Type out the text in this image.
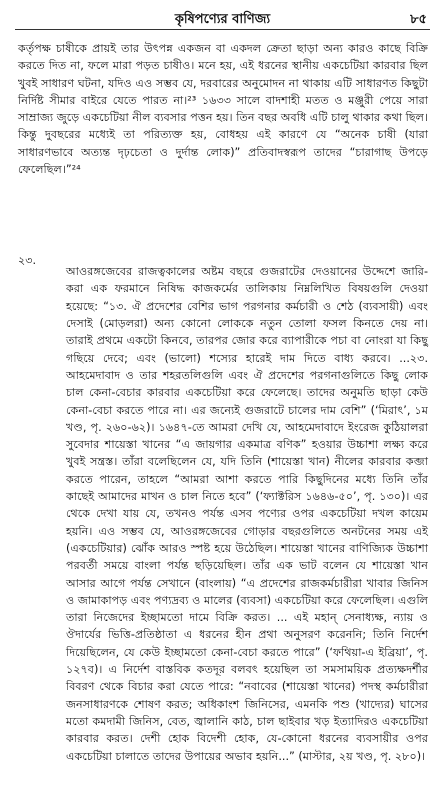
কৃষিপণ্যের বাণিজ্য	৮৫

কর্তৃপক্ষ চাষীকে প্রায়ই তার উৎপন্ন একজন বা একদল ক্রেতা ছাড়া অন্য কারও কাছে বিক্রি করতে দিত না, ফলে মারা পড়ত চাষীও। মনে হয়, এই ধরনের স্থানীয় একচেটিয়া কারবার ছিল খুবই সাধারণ ঘটনা, যদিও এও সম্ভব যে, দরবারের অনুমোদন না থাকায় এটি সাধারণত কিছুটা নির্দিষ্ট সীমার বাইরে যেতে পারত না।²³ ১৬৩৩ সালে বাদশাহী মতত ও মঞ্জুরী পেয়ে সারা সাম্রাজ্য জুড়ে একচেটিয়া নীল ব্যবসার পত্তন হয়। তিন বছর অবধি এটি চালু থাকার কথা ছিল। কিন্তু দুবছরের মধ্যেই তা পরিত্যক্ত হয়, বোধহয় এই কারণে যে “অনেক চাষী (যারা সাধারণভাবে অত্যন্ত দৃঢ়চেতা ও দুর্দান্ত লোক)” প্রতিবাদস্বরূপ তাদের “চারাগাছ উপড়ে ফেলেছিল।”²⁴

২৩.

আওরঙ্গজেবের রাজত্বকালের অষ্টম বছরে গুজরাটের দেওয়ানের উদ্দেশে জারি-করা এক ফরমানে নিষিদ্ধ কাজকর্মের তালিকায় নিম্নলিখিত বিষয়গুলি দেওয়া হয়েছে: “১৩. ঐ প্রদেশের বেশির ভাগ পরগনার কর্মচারী ও শেঠ (ব্যবসায়ী) এবং দেসাই (মোড়লরা) অন্য কোনো লোককে নতুন তোলা ফসল কিনতে দেয় না। তারাই প্রথমে একটো কিনবে, তারপর জোর করে ব্যাপারীকে পচা বা নোংরা যা কিছু গছিয়ে দেবে; এবং (ভালো) শস্যের হারেই দাম দিতে বাধ্য করবে। ...২৩. আহমেদাবাদ ও তার শহরতলিগুলি এবং ঐ প্রদেশের পরগনাগুলিতে কিছু লোক চাল কেনা-বেচার কারবার একচেটিয়া করে ফেলেছে। তাদের অনুমতি ছাড়া কেউ কেনা-বেচা করতে পারে না। এর জন্যেই গুজরাটে চালের দাম বেশি” (‘মিরাৎ’, ১ম খণ্ড, পৃ. ২৬০-৬২)। ১৬৪৭-তে আমরা দেখি যে, আহমেদাবাদে ইংরেজ কুঠিয়ালরা সুবেদার শায়েস্তা খানের “এ জায়গার একমাত্র বণিক” হওয়ার উচ্চাশা লক্ষ্য করে খুবই সন্ত্রস্ত। তাঁরা বলেছিলেন যে, যদি তিনি (শায়েস্তা খান) নীলের কারবার কব্জা করতে পারেন, তাহলে “আমরা আশা করতে পারি কিছুদিনের মধ্যে তিনি তাঁর কাছেই আমাদের মাখন ও চাল নিতে হবে” (‘ফ্যাক্টরিস ১৬৪৬-৫০’, পৃ. ১৩০)। এর থেকে দেখা যায় যে, তখনও পর্যন্ত এসব পণ্যের ওপর একচেটিয়া দখল কায়েম হয়নি। এও সম্ভব যে, আওরঙ্গজেবের গোড়ার বছরগুলিতে অনটনের সময় এই (একচেটিয়ার) ঝোঁক আরও স্পষ্ট হয়ে উঠেছিল। শায়েস্তা খানের বাণিজ্যিক উচ্চাশা পরবর্তী সময়ে বাংলা পর্যন্ত ছড়িয়েছিল। তাঁর এক ভাট বলেন যে শায়েস্তা খান আসার আগে পর্যন্ত সেখানে (বাংলায়) “এ প্রদেশের রাজকর্মচারীরা খাবার জিনিস ও জামাকাপড় এবং পণ্যদ্রব্য ও মালের (ব্যবসা) একচেটিয়া করে ফেলেছিল। এগুলি তারা নিজেদের ইচ্ছামতো দামে বিক্রি করত। ... এই মহান্ সেনাধ্যক্ষ, ন্যায় ও ঔদার্যের ভিত্তি-প্রতিষ্ঠাতা এ ধরনের হীন প্রথা অনুসরণ করেননি; তিনি নির্দেশ দিয়েছিলেন, যে কেউ ইচ্ছামতো কেনা-বেচা করতে পারে” (‘ফথিয়া-এ ইব্রিয়া’, পৃ. ১২৭ব)। এ নির্দেশ বাস্তবিক কতদূর বলবৎ হয়েছিল তা সমসাময়িক প্রত্যক্ষদর্শীর বিবরণ থেকে বিচার করা যেতে পারে: “নবাবের (শায়েস্তা খানের) পদস্থ কর্মচারীরা জনসাধারণকে শোষণ করত; অধিকাংশ জিনিসের, এমনকি পশু (খাদ্যের) ঘাসের মতো কমদামী জিনিস, বেত, জ্বালানি কাঠ, চাল ছাইবার খড় ইত্যাদিরও একচেটিয়া কারবার করত। দেশী হোক বিদেশী হোক, যে-কোনো ধরনের ব্যবসায়ীর ওপর একচেটিয়া চালাতে তাদের উপায়ের অভাব হয়নি...” (মাস্টার, ২য় খণ্ড, পৃ. ২৮০)।
